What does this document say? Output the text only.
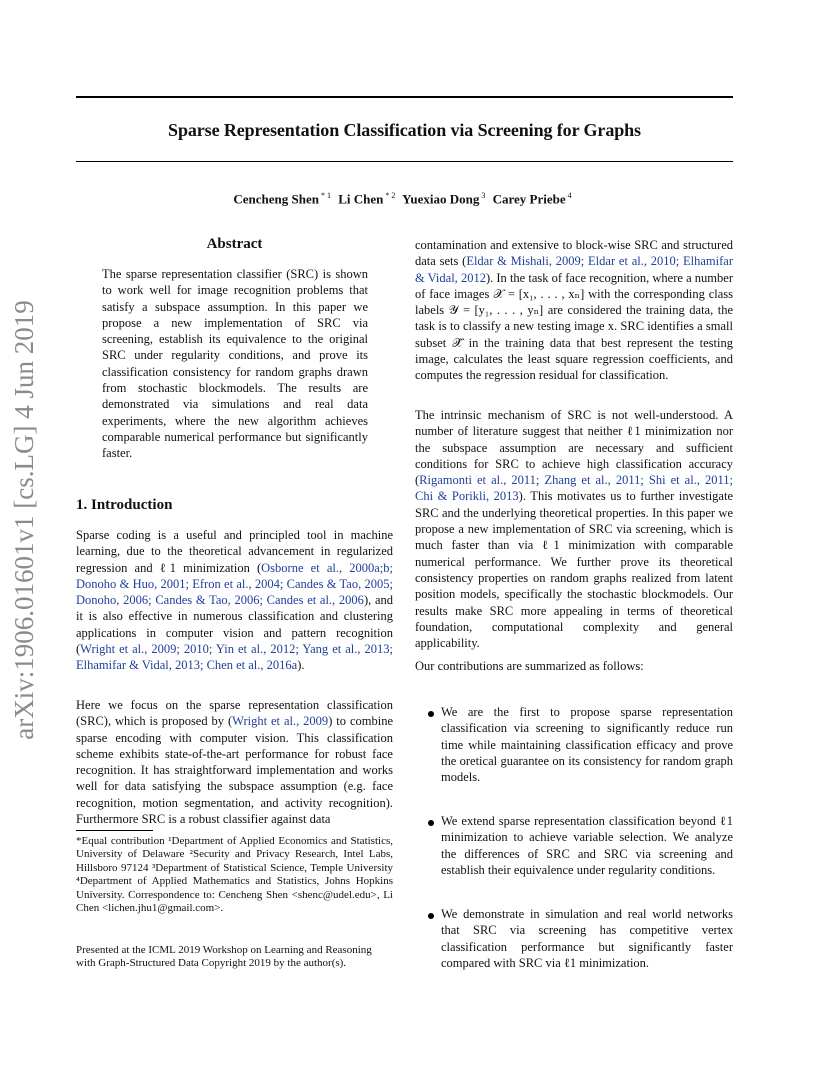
arXiv:1906.01601v1 [cs.LG] 4 Jun 2019
Sparse Representation Classification via Screening for Graphs
Cencheng Shen $^{* 1}$ Li Chen $^{* 2}$ Yuexiao Dong $^3$ Carey Priebe $^4$
Abstract
The sparse representation classifier (SRC) is shown to work well for image recognition problems that satisfy a subspace assumption. In this paper we propose a new implementation of SRC via screening, establish its equivalence to the original SRC under regularity conditions, and prove its classification consistency for random graphs drawn from stochastic blockmodels. The results are demonstrated via simulations and real data experiments, where the new algorithm achieves comparable numerical performance but significantly faster.
1. Introduction
Sparse coding is a useful and principled tool in machine learning, due to the theoretical advancement in regularized regression and ℓ1 minimization (Osborne et al., 2000a;b; Donoho & Huo, 2001; Efron et al., 2004; Candes & Tao, 2005; Donoho, 2006; Candes & Tao, 2006; Candes et al., 2006), and it is also effective in numerous classification and clustering applications in computer vision and pattern recognition (Wright et al., 2009; 2010; Yin et al., 2012; Yang et al., 2013; Elhamifar & Vidal, 2013; Chen et al., 2016a).
Here we focus on the sparse representation classification (SRC), which is proposed by (Wright et al., 2009) to combine sparse encoding with computer vision. This classification scheme exhibits state-of-the-art performance for robust face recognition. It has straightforward implementation and works well for data satisfying the subspace assumption (e.g. face recognition, motion segmentation, and activity recognition). Furthermore SRC is a robust classifier against data
*Equal contribution ¹Department of Applied Economics and Statistics, University of Delaware ²Security and Privacy Research, Intel Labs, Hillsboro 97124 ³Department of Statistical Science, Temple University ⁴Department of Applied Mathematics and Statistics, Johns Hopkins University. Correspondence to: Cencheng Shen <shenc@udel.edu>, Li Chen <lichen.jhu1@gmail.com>.
Presented at the ICML 2019 Workshop on Learning and Reasoning with Graph-Structured Data Copyright 2019 by the author(s).
contamination and extensive to block-wise SRC and structured data sets (Eldar & Mishali, 2009; Eldar et al., 2010; Elhamifar & Vidal, 2012). In the task of face recognition, where a number of face images 𝒳 = [x₁, . . . , xₙ] with the corresponding class labels 𝒴 = [y₁, . . . , yₙ] are considered the training data, the task is to classify a new testing image x. SRC identifies a small subset 𝒳̂ in the training data that best represent the testing image, calculates the least square regression coefficients, and computes the regression residual for classification.
The intrinsic mechanism of SRC is not well-understood. A number of literature suggest that neither ℓ1 minimization nor the subspace assumption are necessary and sufficient conditions for SRC to achieve high classification accuracy (Rigamonti et al., 2011; Zhang et al., 2011; Shi et al., 2011; Chi & Porikli, 2013). This motivates us to further investigate SRC and the underlying theoretical properties. In this paper we propose a new implementation of SRC via screening, which is much faster than via ℓ1 minimization with comparable numerical performance. We further prove its theoretical consistency properties on random graphs realized from latent position models, specifically the stochastic blockmodels. Our results make SRC more appealing in terms of theoretical foundation, computational complexity and general applicability.
Our contributions are summarized as follows:
We are the first to propose sparse representation classification via screening to significantly reduce run time while maintaining classification efficacy and prove the oretical guarantee on its consistency for random graph models.
We extend sparse representation classification beyond ℓ1 minimization to achieve variable selection. We analyze the differences of SRC and SRC via screening and establish their equivalence under regularity conditions.
We demonstrate in simulation and real world networks that SRC via screening has competitive vertex classification performance but significantly faster compared with SRC via ℓ1 minimization.
